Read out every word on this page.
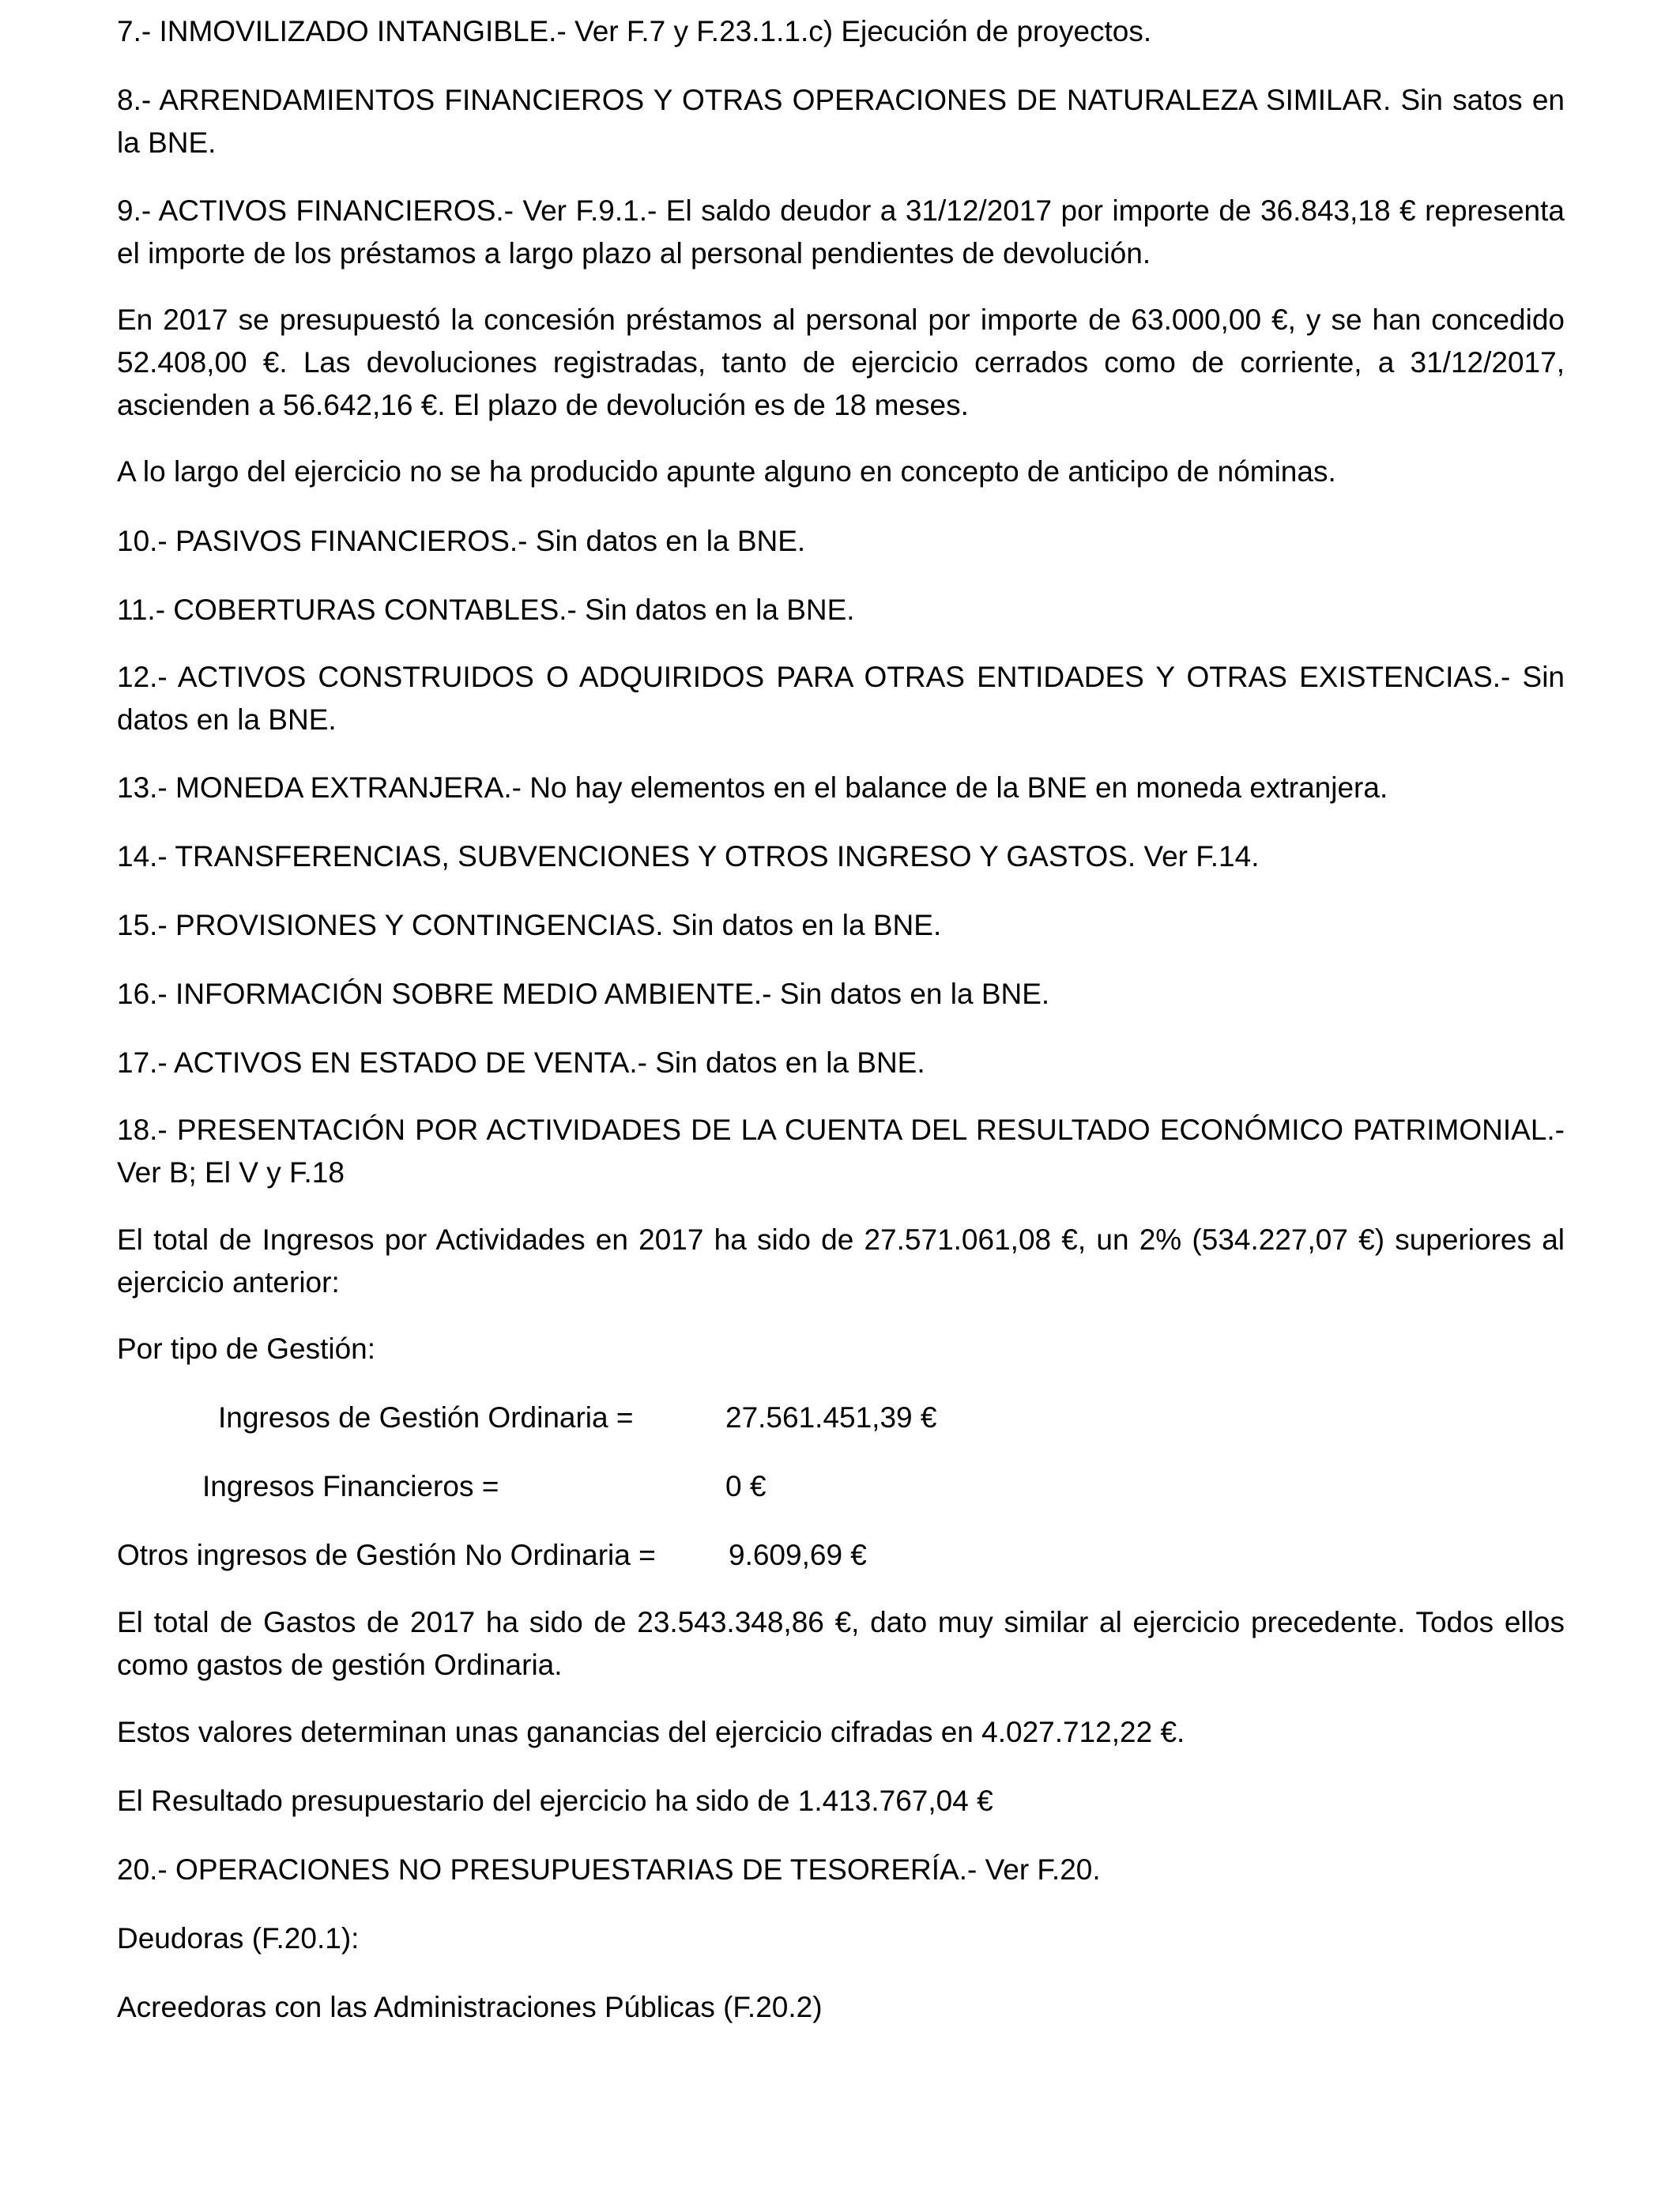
7.- INMOVILIZADO INTANGIBLE.- Ver F.7 y F.23.1.1.c) Ejecución de proyectos.

8.- ARRENDAMIENTOS FINANCIEROS Y OTRAS OPERACIONES DE NATURALEZA SIMILAR. Sin satos en la BNE.

9.- ACTIVOS FINANCIEROS.- Ver F.9.1.- El saldo deudor a 31/12/2017 por importe de 36.843,18 € representa el importe de los préstamos a largo plazo al personal pendientes de devolución.

En 2017 se presupuestó la concesión préstamos al personal por importe de 63.000,00 €, y se han concedido 52.408,00 €. Las devoluciones registradas, tanto de ejercicio cerrados como de corriente, a 31/12/2017, ascienden a 56.642,16 €. El plazo de devolución es de 18 meses.

A lo largo del ejercicio no se ha producido apunte alguno en concepto de anticipo de nóminas.

10.- PASIVOS FINANCIEROS.- Sin datos en la BNE.

11.- COBERTURAS CONTABLES.- Sin datos en la BNE.

12.- ACTIVOS CONSTRUIDOS O ADQUIRIDOS PARA OTRAS ENTIDADES Y OTRAS EXISTENCIAS.- Sin datos en la BNE.

13.- MONEDA EXTRANJERA.- No hay elementos en el balance de la BNE en moneda extranjera.

14.- TRANSFERENCIAS, SUBVENCIONES Y OTROS INGRESO Y GASTOS. Ver F.14.

15.- PROVISIONES Y CONTINGENCIAS. Sin datos en la BNE.

16.- INFORMACIÓN SOBRE MEDIO AMBIENTE.- Sin datos en la BNE.

17.- ACTIVOS EN ESTADO DE VENTA.- Sin datos en la BNE.

18.- PRESENTACIÓN POR ACTIVIDADES DE LA CUENTA DEL RESULTADO ECONÓMICO PATRIMONIAL.- Ver B; El V y F.18

El total de Ingresos por Actividades en 2017 ha sido de 27.571.061,08 €, un 2% (534.227,07 €) superiores al ejercicio anterior:

Por tipo de Gestión:

Ingresos de Gestión Ordinaria =	27.561.451,39 €

Ingresos Financieros =	0 €

Otros ingresos de Gestión No Ordinaria = 9.609,69 €

El total de Gastos de 2017 ha sido de 23.543.348,86 €, dato muy similar al ejercicio precedente. Todos ellos como gastos de gestión Ordinaria.

Estos valores determinan unas ganancias del ejercicio cifradas en 4.027.712,22 €.

El Resultado presupuestario del ejercicio ha sido de 1.413.767,04 €

20.- OPERACIONES NO PRESUPUESTARIAS DE TESORERÍA.- Ver F.20.

Deudoras (F.20.1):

Acreedoras con las Administraciones Públicas (F.20.2)
